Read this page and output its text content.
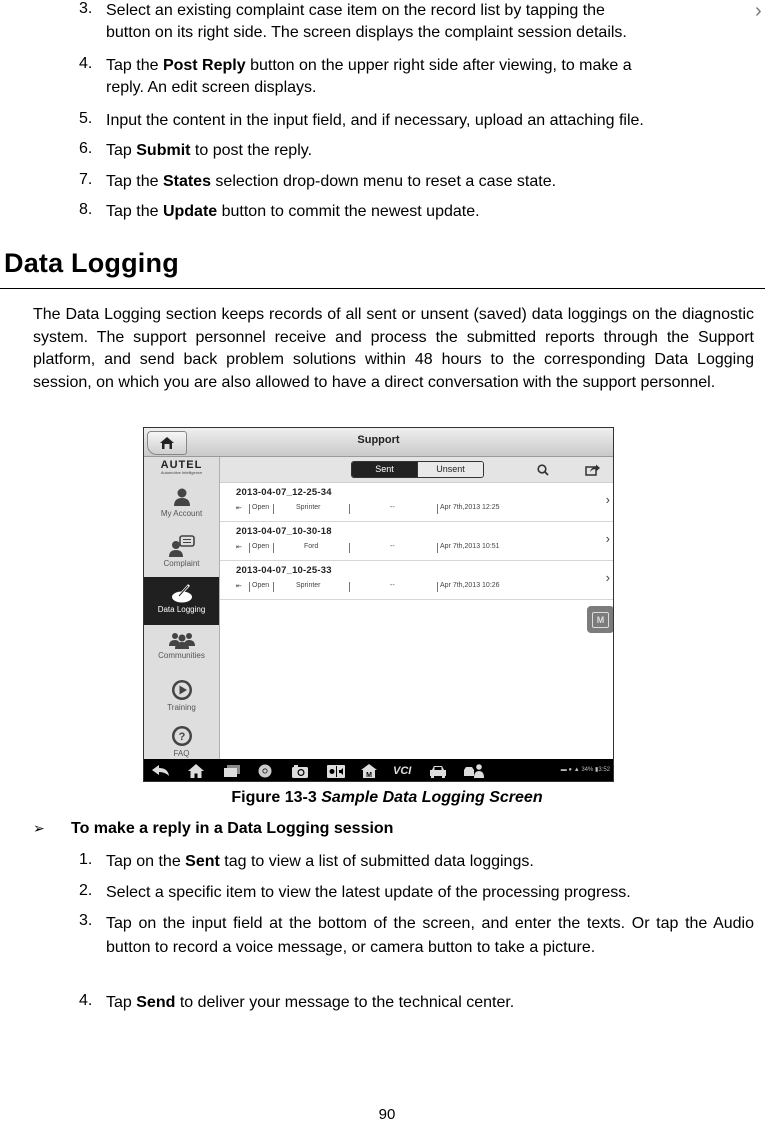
3. Select an existing complaint case item on the record list by tapping the
button on its right side. The screen displays the complaint session details.
›
4. Tap the Post Reply button on the upper right side after viewing, to make a
reply. An edit screen displays.
5. Input the content in the input field, and if necessary, upload an attaching file.
6. Tap Submit to post the reply.
7. Tap the States selection drop-down menu to reset a case state.
8. Tap the Update button to commit the newest update.
Data Logging
The Data Logging section keeps records of all sent or unsent (saved) data loggings on the diagnostic system. The support personnel receive and process the submitted reports through the Support platform, and send back problem solutions within 48 hours to the corresponding Data Logging session, on which you are also allowed to have a direct conversation with the support personnel.
Support
AUTEL
Automotive Intelligence
My Account
Complaint
Data Logging
Communities
Training
?
FAQ
Sent	Unsent
2013-04-07_12-25-34
⇤ Open	Sprinter	--	Apr 7th,2013 12:25
›
2013-04-07_10-30-18
⇤ Open	Ford	--	Apr 7th,2013 10:51
›
2013-04-07_10-25-33
⇤ Open	Sprinter	--	Apr 7th,2013 10:26
›
M
M VCI	▬ ● ▲ 34% ▮3:52
Figure 13-3 Sample Data Logging Screen
➢ To make a reply in a Data Logging session
1. Tap on the Sent tag to view a list of submitted data loggings.
2. Select a specific item to view the latest update of the processing progress.
3. Tap on the input field at the bottom of the screen, and enter the texts. Or tap the Audio button to record a voice message, or camera button to take a picture.
4. Tap Send to deliver your message to the technical center.
90
